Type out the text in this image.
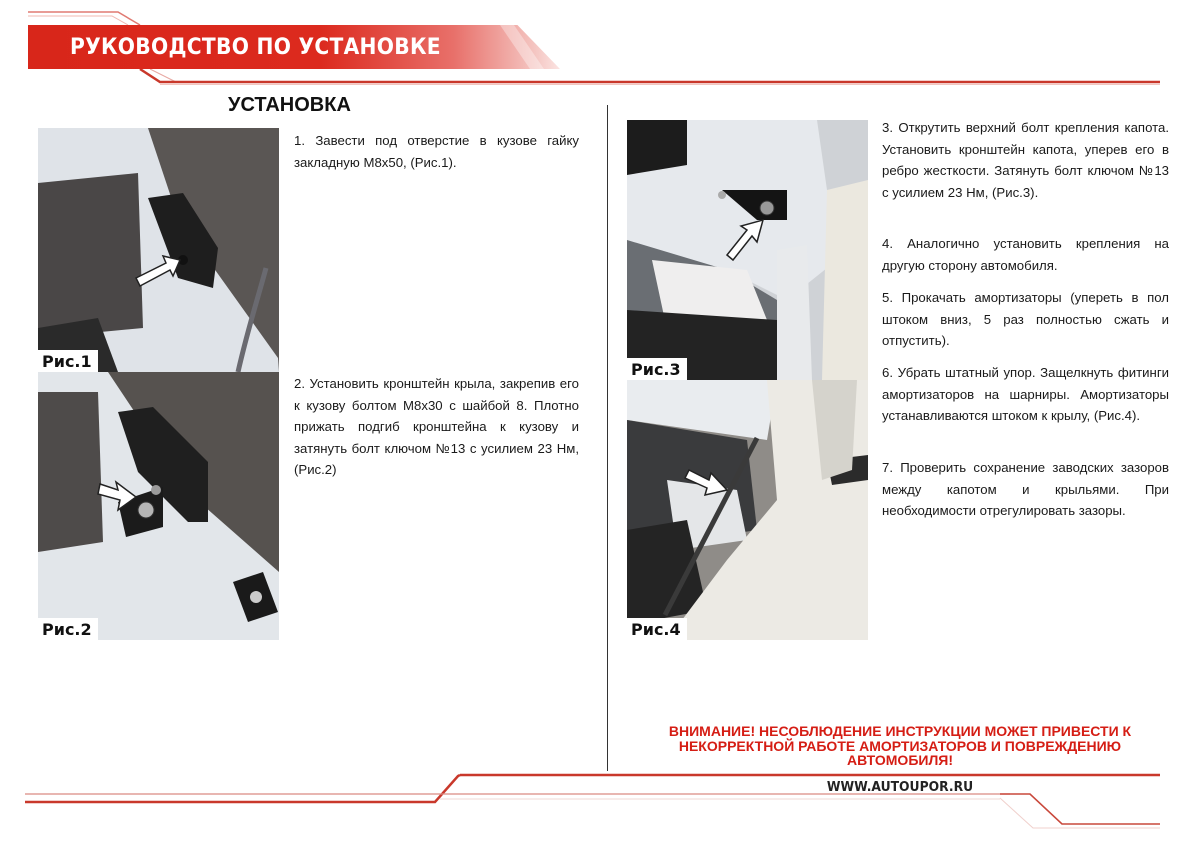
РУКОВОДСТВО ПО УСТАНОВКЕ
УСТАНОВКА
Рис.1
Рис.2
1. Завести под отверстие в кузове гайку закладную М8х50, (Рис.1).
2. Установить кронштейн крыла, закрепив его к кузову болтом М8х30 с шайбой 8. Плотно прижать подгиб кронштейна к кузову и затянуть болт ключом №13 с усилием 23 Нм, (Рис.2)
Рис.3
Рис.4
3. Открутить верхний болт крепления капота. Установить кронштейн капота, уперев его в ребро жесткости. Затянуть болт ключом №13 с усилием 23 Нм, (Рис.3).
4. Аналогично установить крепления на другую сторону автомобиля.
5. Прокачать амортизаторы (упереть в пол штоком вниз, 5 раз полностью сжать и отпустить).
6. Убрать штатный упор. Защелкнуть фитинги амортизаторов на шарниры. Амортизаторы устанавливаются штоком к крылу, (Рис.4).
7. Проверить сохранение заводских зазоров между капотом и крыльями. При необходимости отрегулировать зазоры.
ВНИМАНИЕ! НЕСОБЛЮДЕНИЕ ИНСТРУКЦИИ МОЖЕТ ПРИВЕСТИ К
НЕКОРРЕКТНОЙ РАБОТЕ АМОРТИЗАТОРОВ И ПОВРЕЖДЕНИЮ
АВТОМОБИЛЯ!
WWW.AUTOUPOR.RU
